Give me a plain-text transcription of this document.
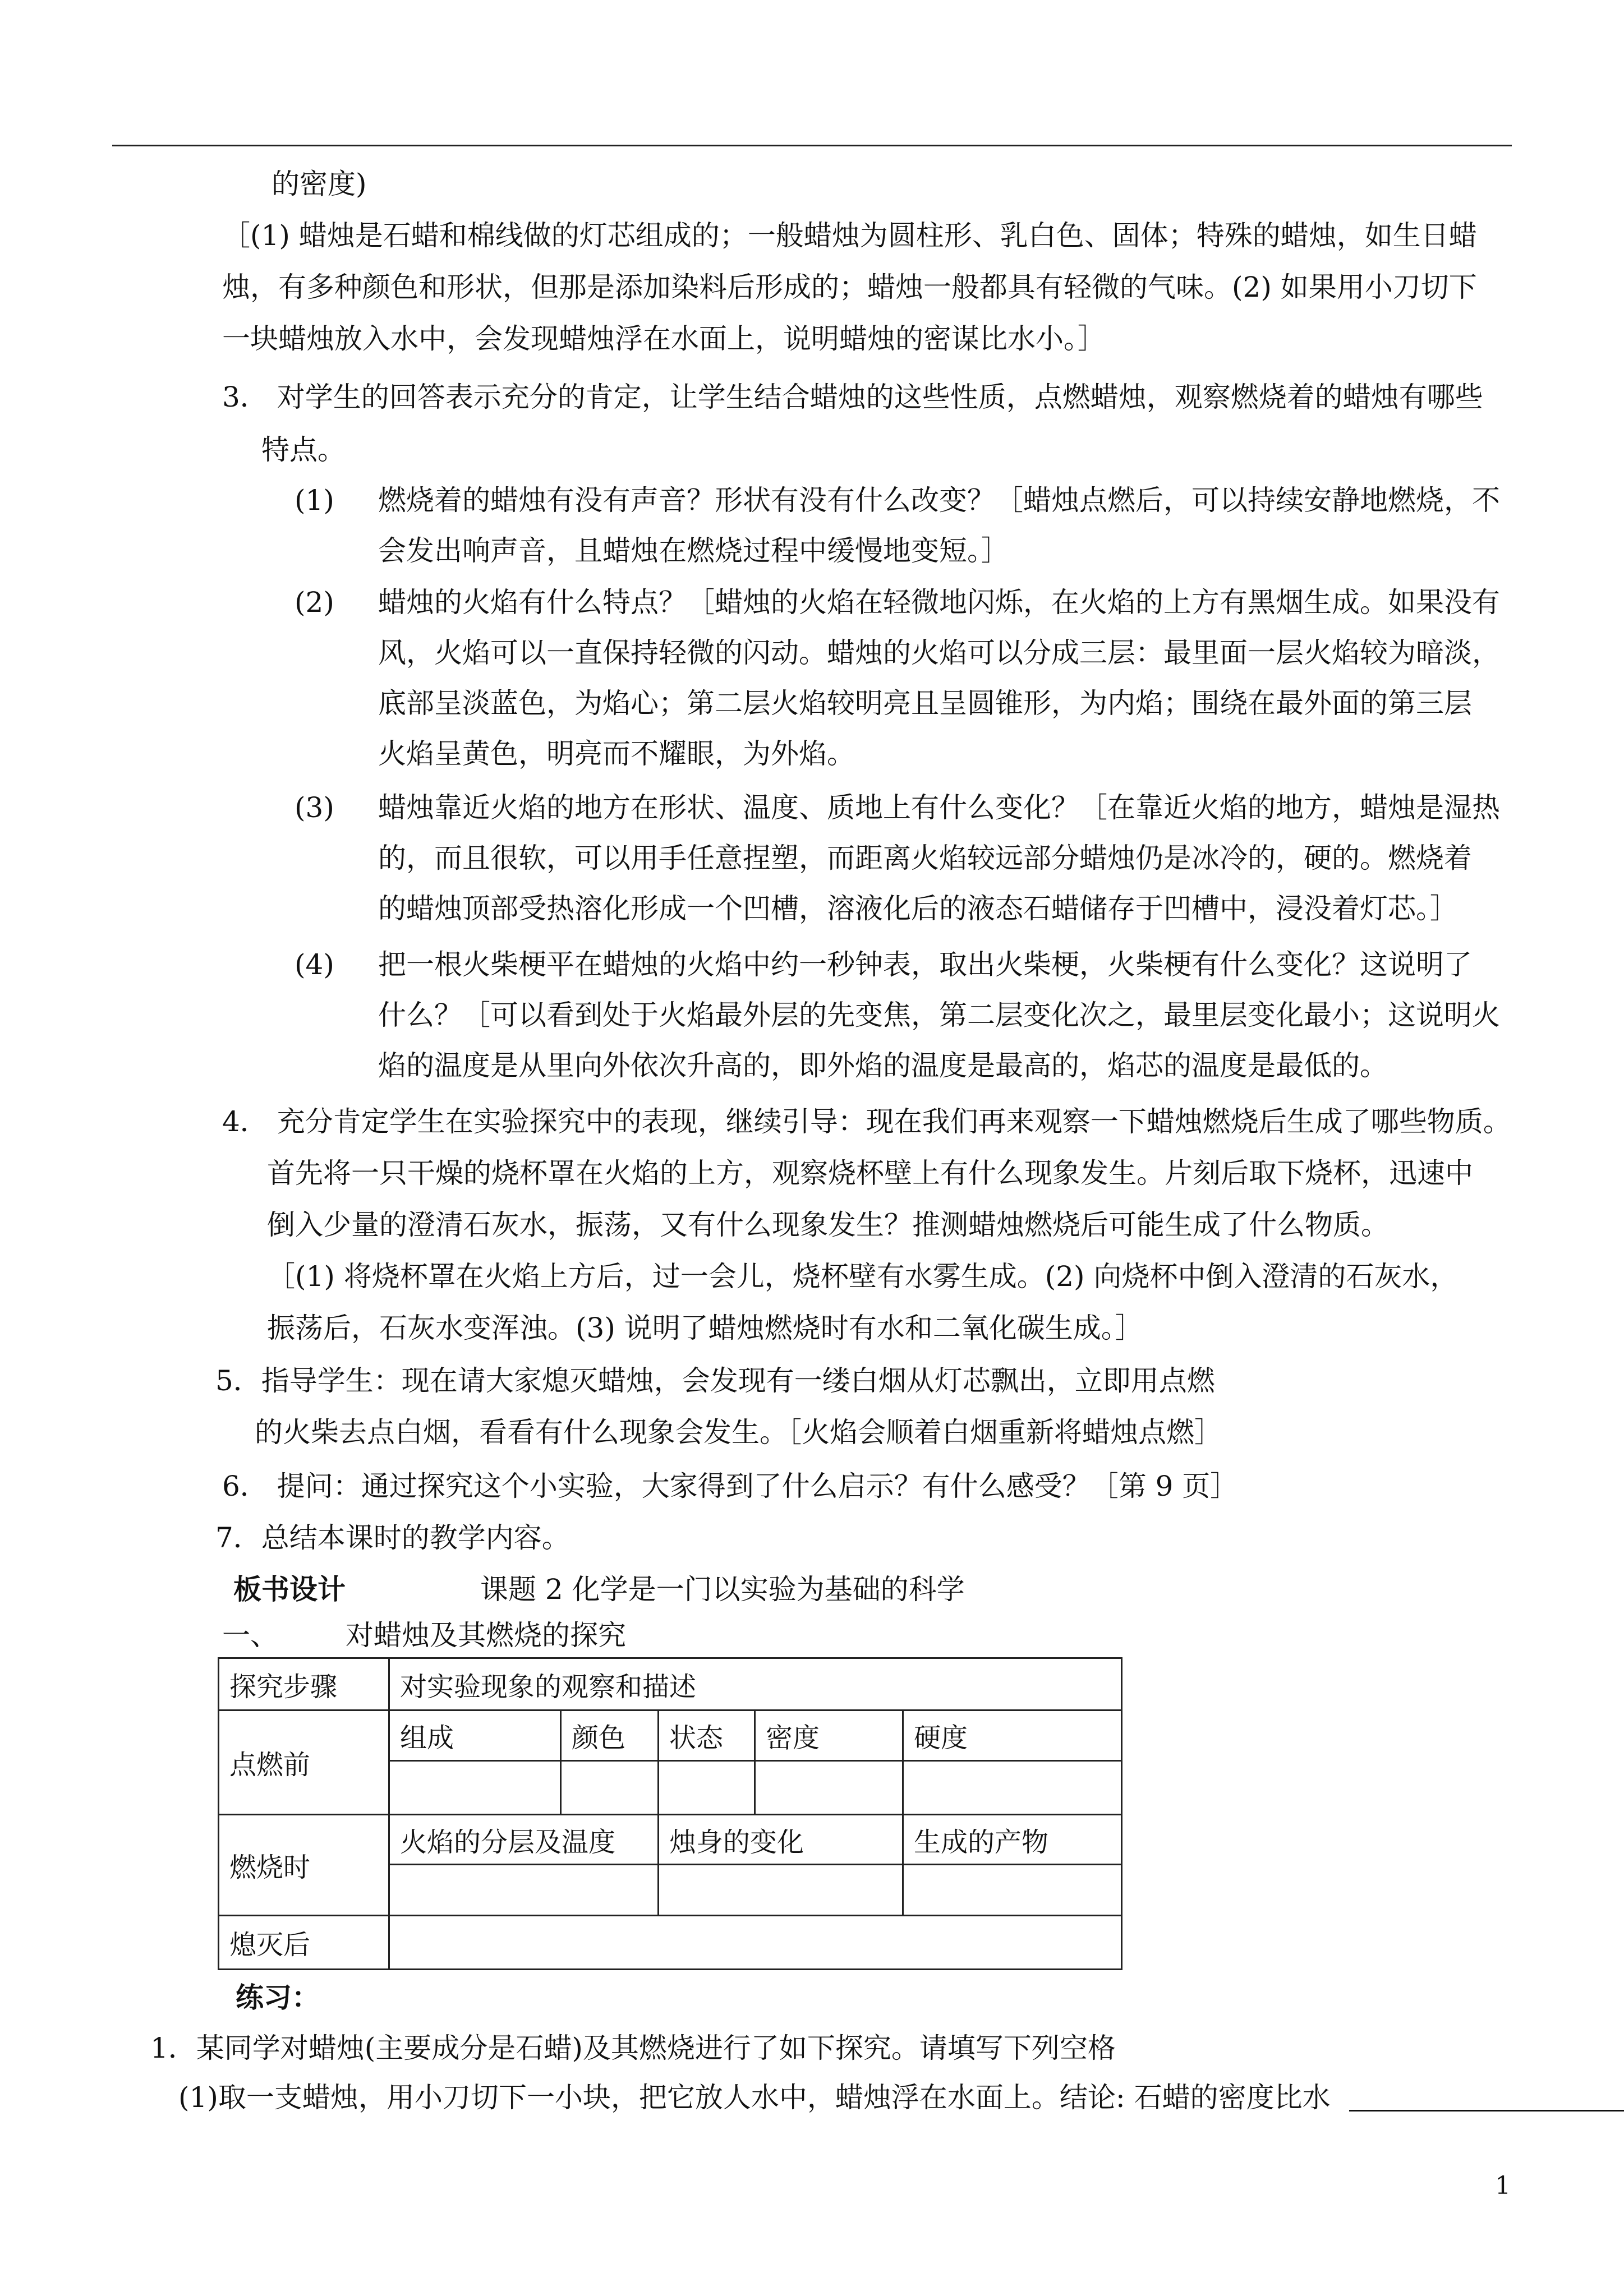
的密度)
［(1) 蜡烛是石蜡和棉线做的灯芯组成的；一般蜡烛为圆柱形、乳白色、固体；特殊的蜡烛，如生日蜡
烛，有多种颜色和形状，但那是添加染料后形成的；蜡烛一般都具有轻微的气味。(2) 如果用小刀切下
一块蜡烛放入水中，会发现蜡烛浮在水面上，说明蜡烛的密谋比水小。］
3． 对学生的回答表示充分的肯定，让学生结合蜡烛的这些性质，点燃蜡烛，观察燃烧着的蜡烛有哪些
特点。
(1) 燃烧着的蜡烛有没有声音？形状有没有什么改变？［蜡烛点燃后，可以持续安静地燃烧，不
会发出响声音，且蜡烛在燃烧过程中缓慢地变短。］
(2) 蜡烛的火焰有什么特点？［蜡烛的火焰在轻微地闪烁，在火焰的上方有黑烟生成。如果没有
风，火焰可以一直保持轻微的闪动。蜡烛的火焰可以分成三层：最里面一层火焰较为暗淡，
底部呈淡蓝色，为焰心；第二层火焰较明亮且呈圆锥形，为内焰；围绕在最外面的第三层
火焰呈黄色，明亮而不耀眼，为外焰。
(3) 蜡烛靠近火焰的地方在形状、温度、质地上有什么变化？［在靠近火焰的地方，蜡烛是湿热
的，而且很软，可以用手任意捏塑，而距离火焰较远部分蜡烛仍是冰冷的，硬的。燃烧着
的蜡烛顶部受热溶化形成一个凹槽，溶液化后的液态石蜡储存于凹槽中，浸没着灯芯。］
(4) 把一根火柴梗平在蜡烛的火焰中约一秒钟表，取出火柴梗，火柴梗有什么变化？这说明了
什么？［可以看到处于火焰最外层的先变焦，第二层变化次之，最里层变化最小；这说明火
焰的温度是从里向外依次升高的，即外焰的温度是最高的，焰芯的温度是最低的。
4． 充分肯定学生在实验探究中的表现，继续引导：现在我们再来观察一下蜡烛燃烧后生成了哪些物质。
首先将一只干燥的烧杯罩在火焰的上方，观察烧杯壁上有什么现象发生。片刻后取下烧杯，迅速中
倒入少量的澄清石灰水，振荡，又有什么现象发生？推测蜡烛燃烧后可能生成了什么物质。
［(1) 将烧杯罩在火焰上方后，过一会儿，烧杯壁有水雾生成。(2) 向烧杯中倒入澄清的石灰水，
振荡后，石灰水变浑浊。(3) 说明了蜡烛燃烧时有水和二氧化碳生成。］
5．指导学生：现在请大家熄灭蜡烛，会发现有一缕白烟从灯芯飘出，立即用点燃
的火柴去点白烟，看看有什么现象会发生。［火焰会顺着白烟重新将蜡烛点燃］
6． 提问：通过探究这个小实验，大家得到了什么启示？有什么感受？［第 9 页］
7．总结本课时的教学内容。
板书设计	课题 2 化学是一门以实验为基础的科学
一、 对蜡烛及其燃烧的探究
探究步骤	对实验现象的观察和描述				
点燃前	组成	颜色	状态	密度	硬度

燃烧时	火焰的分层及温度		烛身的变化		生成的产物

熄灭后					
练习：
1．某同学对蜡烛(主要成分是石蜡)及其燃烧进行了如下探究。请填写下列空格
(1)取一支蜡烛，用小刀切下一小块，把它放人水中，蜡烛浮在水面上。结论: 石蜡的密度比水
1
